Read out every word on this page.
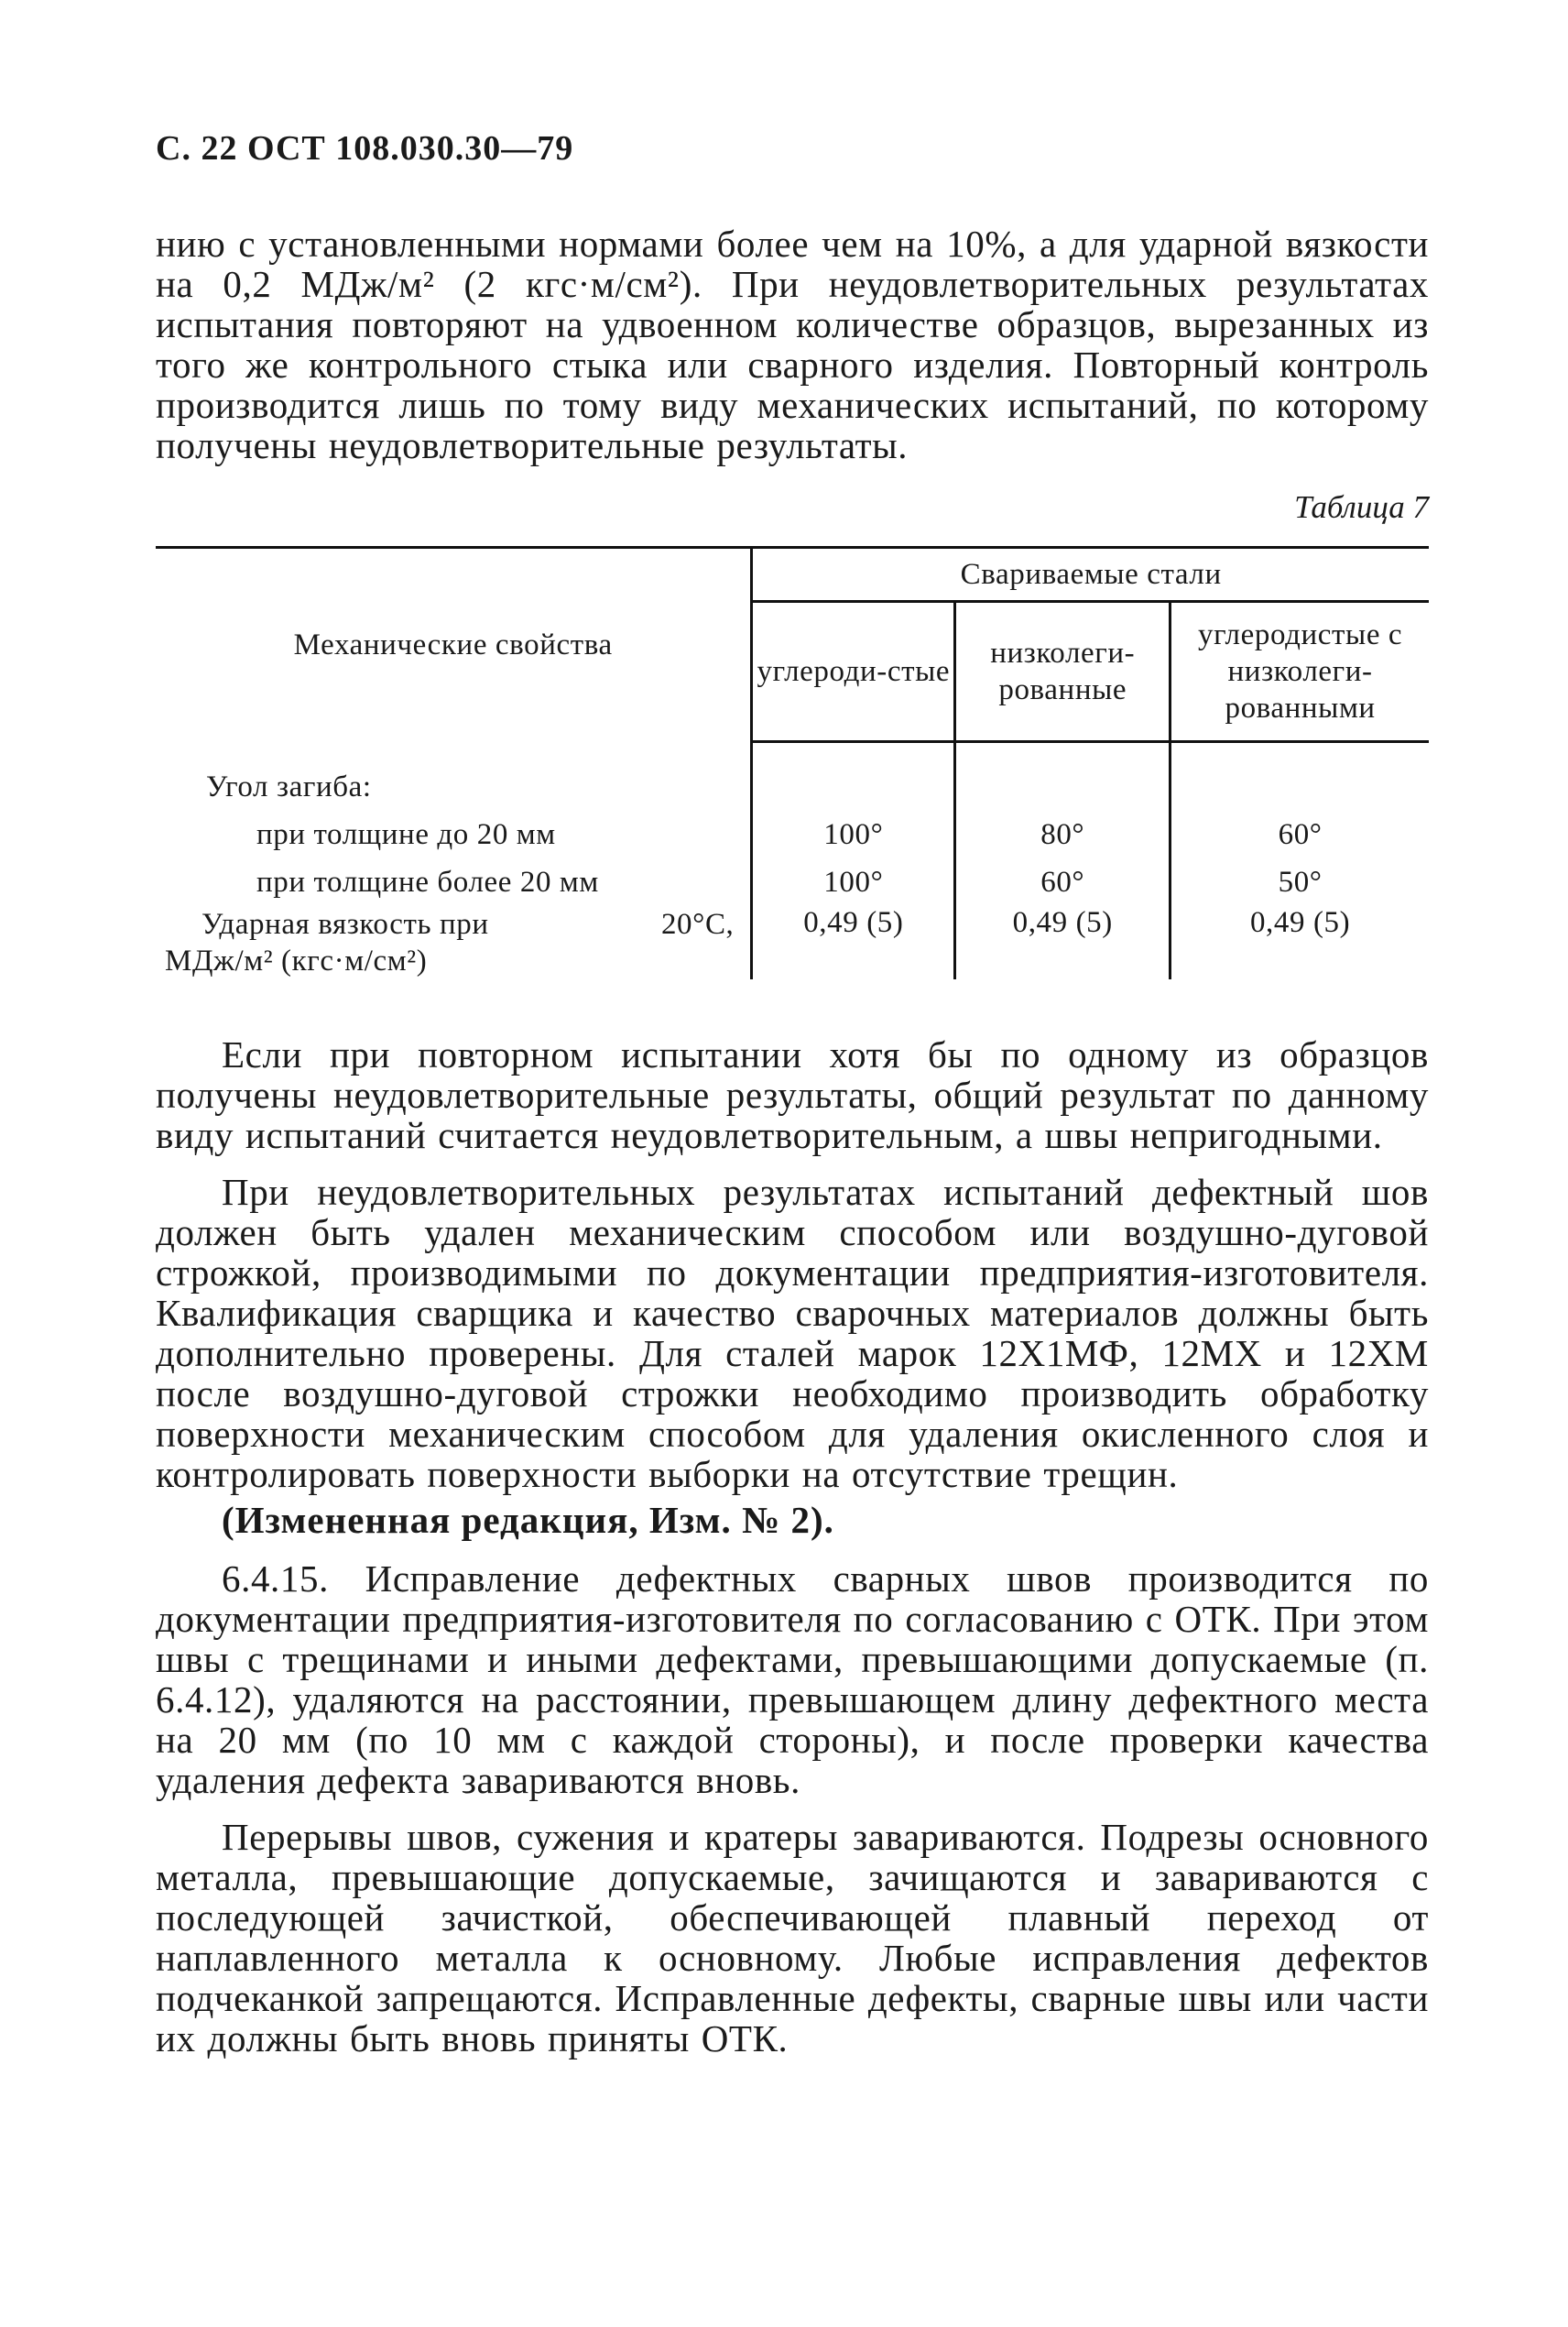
С. 22 ОСТ 108.030.30—79

нию с установленными нормами более чем на 10%, а для ударной вязкости на 0,2 МДж/м² (2 кгс·м/см²). При неудовлетворительных результатах испытания повторяют на удвоенном количестве образцов, вырезанных из того же контрольного стыка или сварного изделия. Повторный контроль производится лишь по тому виду механических испытаний, по которому получены неудовлетворительные результаты.

Таблица 7
Механические свойства	Свариваемые стали		
	углероди-стые	низколеги-рованные	углеродистые с низколеги-рованными

Угол загиба:			
при толщине до 20 мм	100°	80°	60°
при толщине более 20 мм	100°	60°	50°

Ударная вязкость при 20°С,
МДж/м² (кгс·м/см²)	0,49 (5)	0,49 (5)	0,49 (5)

Если при повторном испытании хотя бы по одному из образцов получены неудовлетворительные результаты, общий результат по данному виду испытаний считается неудовлетворительным, а швы непригодными.

При неудовлетворительных результатах испытаний дефектный шов должен быть удален механическим способом или воздушно-дуговой строжкой, производимыми по документации предприятия-изготовителя. Квалификация сварщика и качество сварочных материалов должны быть дополнительно проверены. Для сталей марок 12Х1МФ, 12МХ и 12ХМ после воздушно-дуговой строжки необходимо производить обработку поверхности механическим способом для удаления окисленного слоя и контролировать поверхности выборки на отсутствие трещин.

(Измененная редакция, Изм. № 2).

6.4.15. Исправление дефектных сварных швов производится по документации предприятия-изготовителя по согласованию с ОТК. При этом швы с трещинами и иными дефектами, превышающими допускаемые (п. 6.4.12), удаляются на расстоянии, превышающем длину дефектного места на 20 мм (по 10 мм с каждой стороны), и после проверки качества удаления дефекта завариваются вновь.

Перерывы швов, сужения и кратеры завариваются. Подрезы основного металла, превышающие допускаемые, зачищаются и завариваются с последующей зачисткой, обеспечивающей плавный переход от наплавленного металла к основному. Любые исправления дефектов подчеканкой запрещаются. Исправленные дефекты, сварные швы или части их должны быть вновь приняты ОТК.
